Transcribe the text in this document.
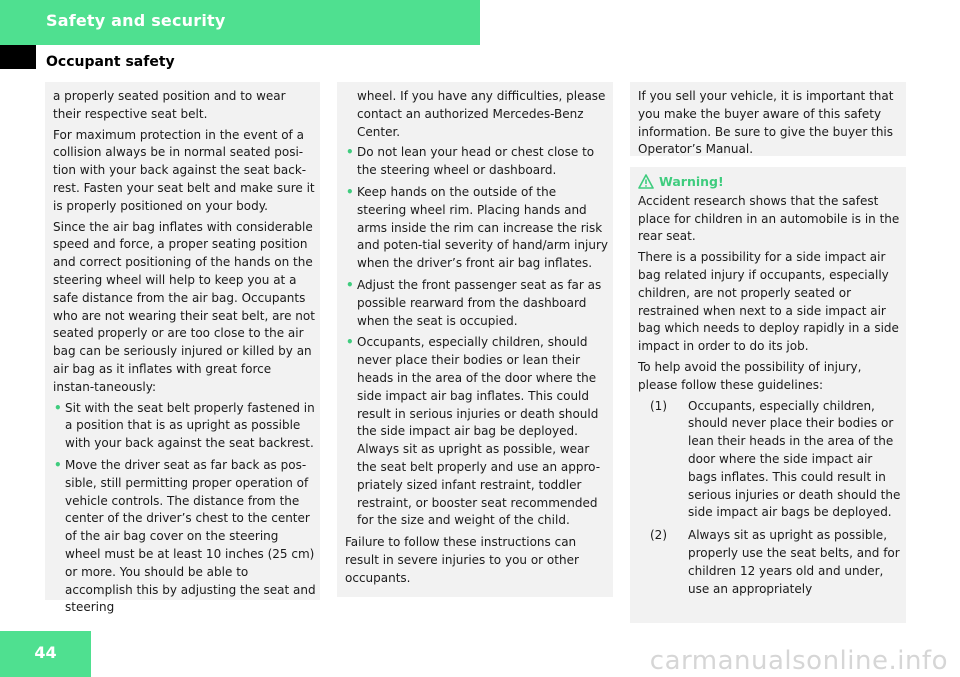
Safety and security
Occupant safety

a properly seated position and to wear their respective seat belt.

For maximum protection in the event of a collision always be in normal seated posi-tion with your back against the seat back-rest. Fasten your seat belt and make sure it is properly positioned on your body.

Since the air bag inflates with considerable speed and force, a proper seating position and correct positioning of the hands on the steering wheel will help to keep you at a safe distance from the air bag. Occupants who are not wearing their seat belt, are not seated properly or are too close to the air bag can be seriously injured or killed by an air bag as it inflates with great force instan-taneously:

• Sit with the seat belt properly fastened in a position that is as upright as possible with your back against the seat backrest.
• Move the driver seat as far back as pos-sible, still permitting proper operation of vehicle controls. The distance from the center of the driver’s chest to the center of the air bag cover on the steering wheel must be at least 10 inches (25 cm) or more. You should be able to accomplish this by adjusting the seat and steering

wheel. If you have any difficulties, please contact an authorized Mercedes-Benz Center.

• Do not lean your head or chest close to the steering wheel or dashboard.
• Keep hands on the outside of the steering wheel rim. Placing hands and arms inside the rim can increase the risk and poten-tial severity of hand/arm injury when the driver’s front air bag inflates.
• Adjust the front passenger seat as far as possible rearward from the dashboard when the seat is occupied.
• Occupants, especially children, should never place their bodies or lean their heads in the area of the door where the side impact air bag inflates. This could result in serious injuries or death should the side impact air bag be deployed. Always sit as upright as possible, wear the seat belt properly and use an appro-priately sized infant restraint, toddler restraint, or booster seat recommended for the size and weight of the child.

Failure to follow these instructions can result in severe injuries to you or other occupants.

If you sell your vehicle, it is important that you make the buyer aware of this safety information. Be sure to give the buyer this Operator’s Manual.

Warning!

Accident research shows that the safest place for children in an automobile is in the rear seat.

There is a possibility for a side impact air bag related injury if occupants, especially children, are not properly seated or restrained when next to a side impact air bag which needs to deploy rapidly in a side impact in order to do its job.

To help avoid the possibility of injury, please follow these guidelines:

(1)	Occupants, especially children, should never place their bodies or lean their heads in the area of the door where the side impact air bags inflates. This could result in serious injuries or death should the side impact air bags be deployed.
(2)	Always sit as upright as possible, properly use the seat belts, and for children 12 years old and under, use an appropriately
44	carmanualsonline.info
